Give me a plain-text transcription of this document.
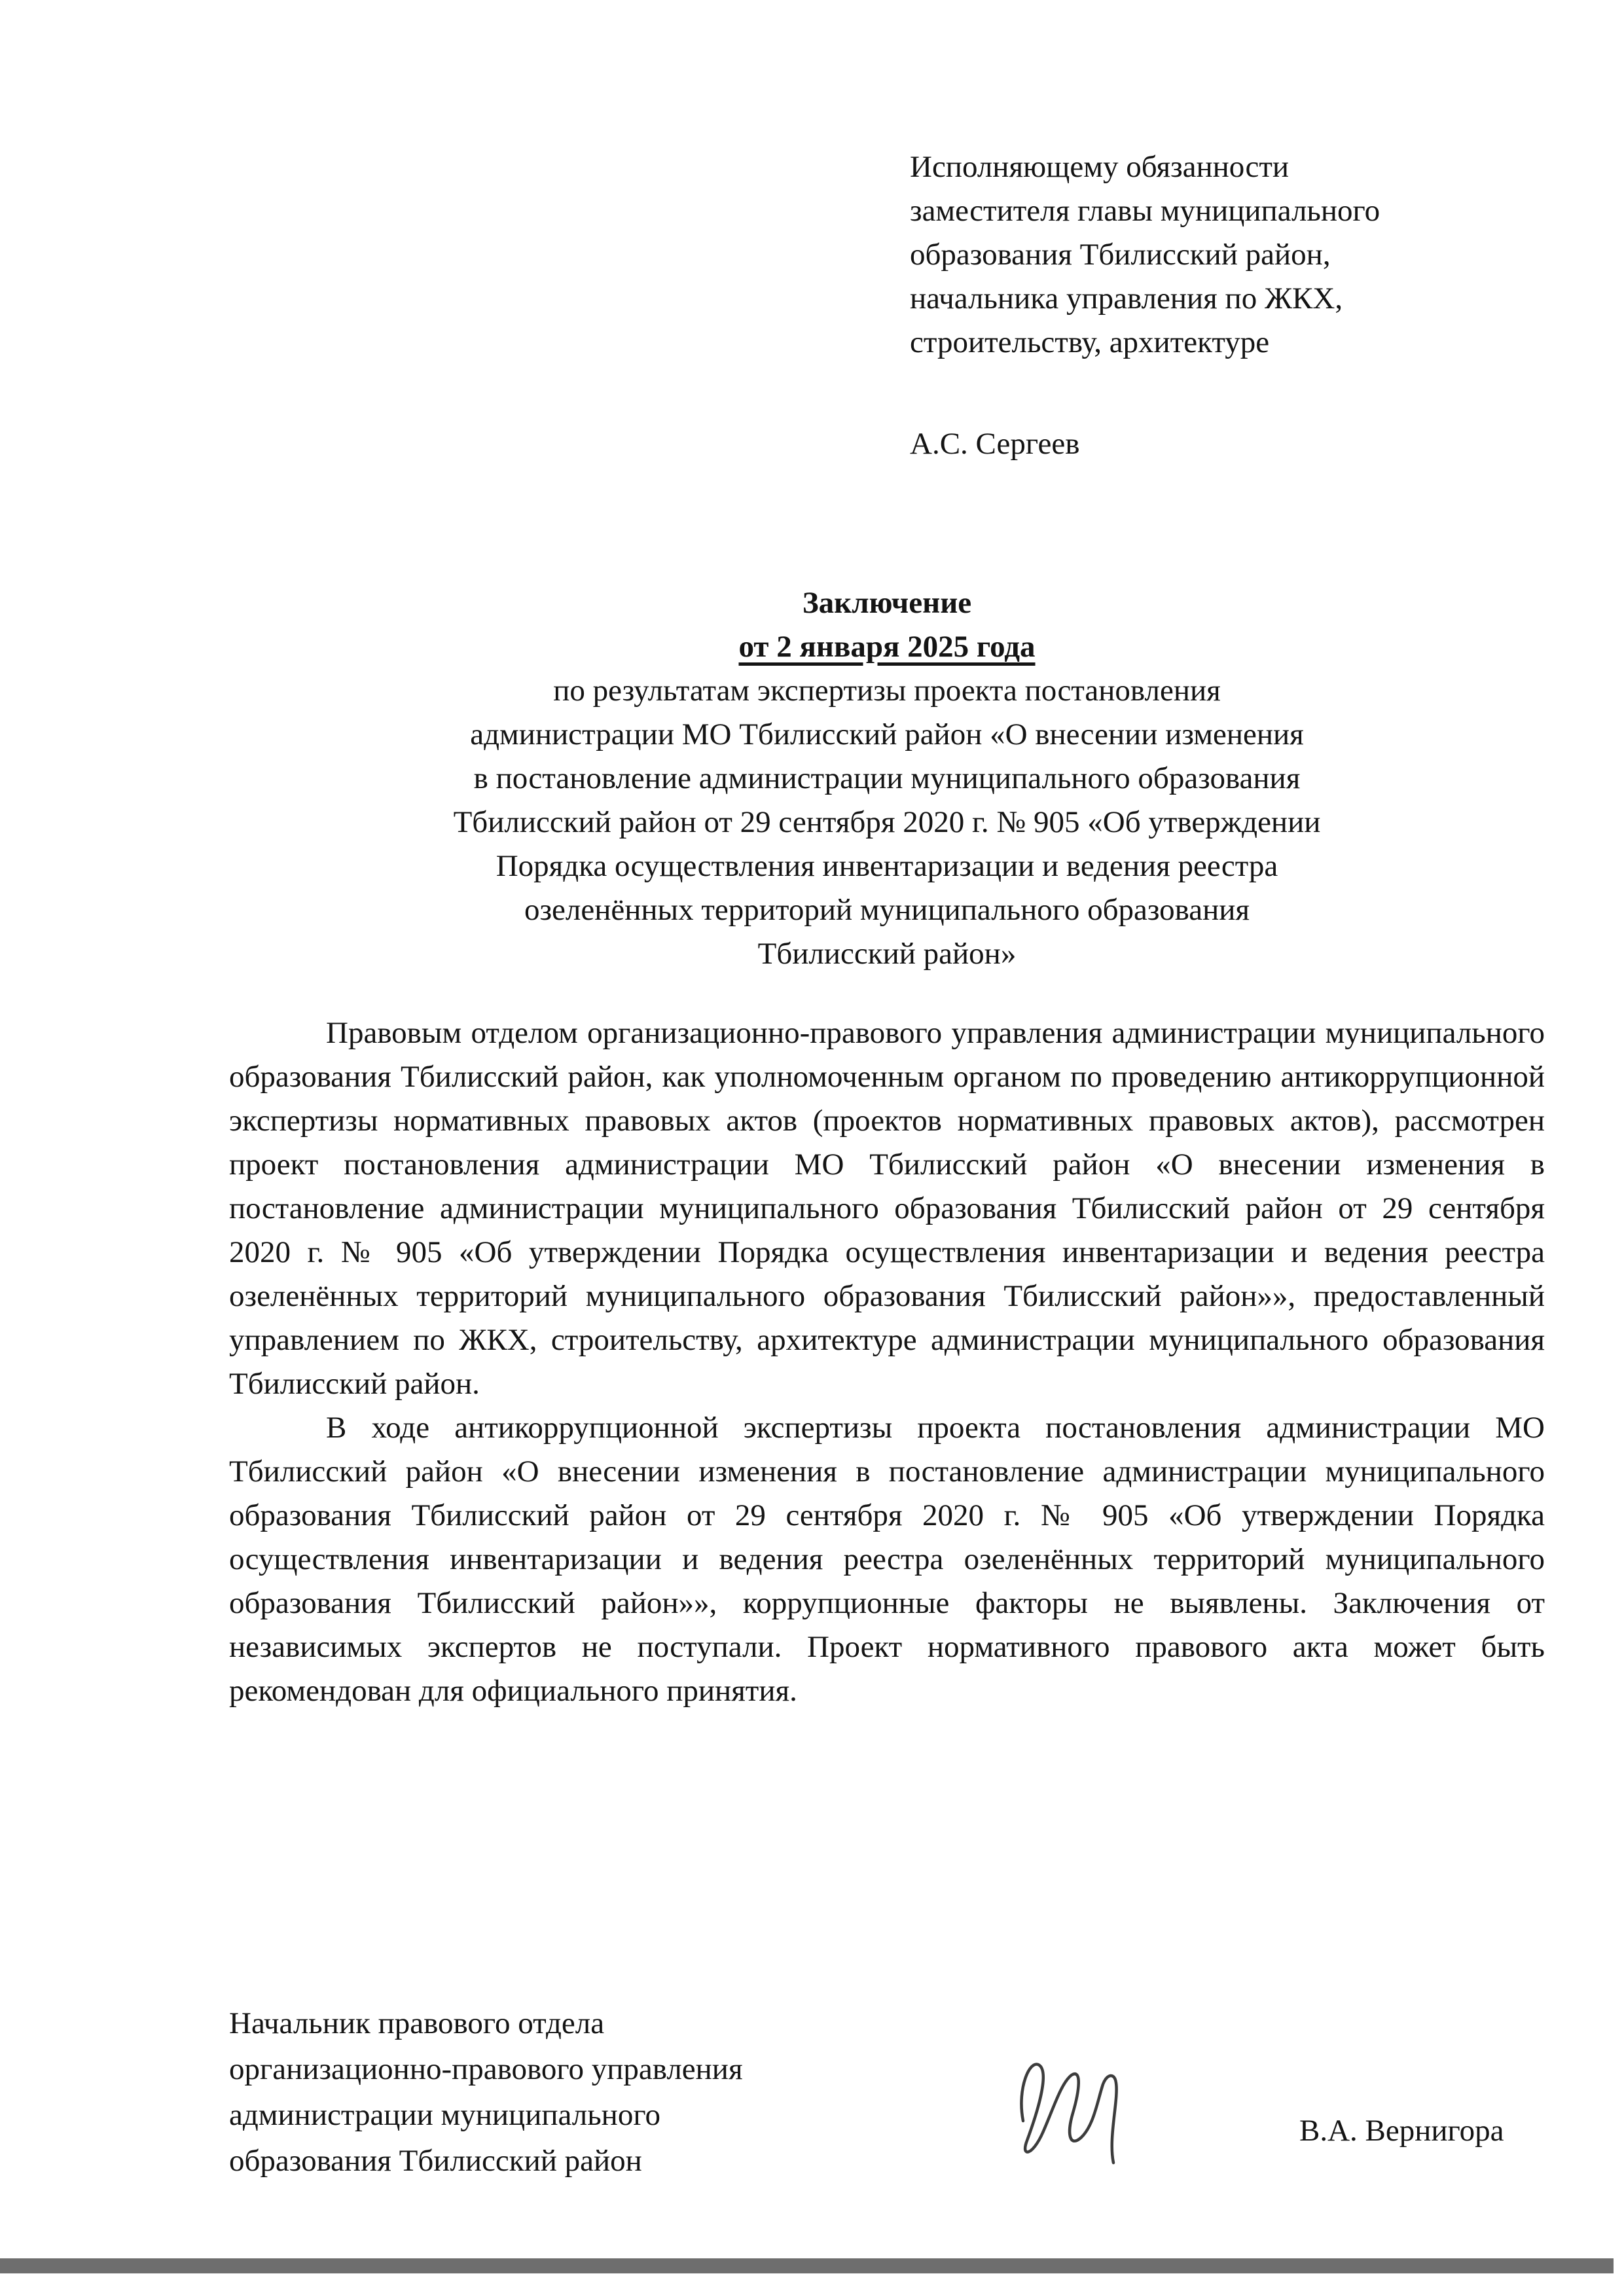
Исполняющему обязанности
заместителя главы муниципального
образования Тбилисский район,
начальника управления по ЖКХ,
строительству, архитектуре
А.С. Сергеев
Заключение
от 2 января 2025 года
по результатам экспертизы проекта постановления
администрации МО Тбилисский район «О внесении изменения
в постановление администрации муниципального образования
Тбилисский район от 29 сентября 2020 г. № 905 «Об утверждении
Порядка осуществления инвентаризации и ведения реестра
озеленённых территорий муниципального образования
Тбилисский район»

Правовым отделом организационно-правового управления администрации муниципального образования Тбилисский район, как уполномоченным органом по проведению антикоррупционной экспертизы нормативных правовых актов (проектов нормативных правовых актов), рассмотрен проект постановления администрации МО Тбилисский район «О внесении изменения в постановление администрации муниципального образования Тбилисский район от 29 сентября 2020 г. № 905 «Об утверждении Порядка осуществления инвентаризации и ведения реестра озеленённых территорий муниципального образования Тбилисский район»», предоставленный управлением по ЖКХ, строительству, архитектуре администрации муниципального образования Тбилисский район.

В ходе антикоррупционной экспертизы проекта постановления администрации МО Тбилисский район «О внесении изменения в постановление администрации муниципального образования Тбилисский район от 29 сентября 2020 г. № 905 «Об утверждении Порядка осуществления инвентаризации и ведения реестра озеленённых территорий муниципального образования Тбилисский район»», коррупционные факторы не выявлены. Заключения от независимых экспертов не поступали. Проект нормативного правового акта может быть рекомендован для официального принятия.

Начальник правового отдела
организационно-правового управления
администрации муниципального
образования Тбилисский район
В.А. Вернигора
